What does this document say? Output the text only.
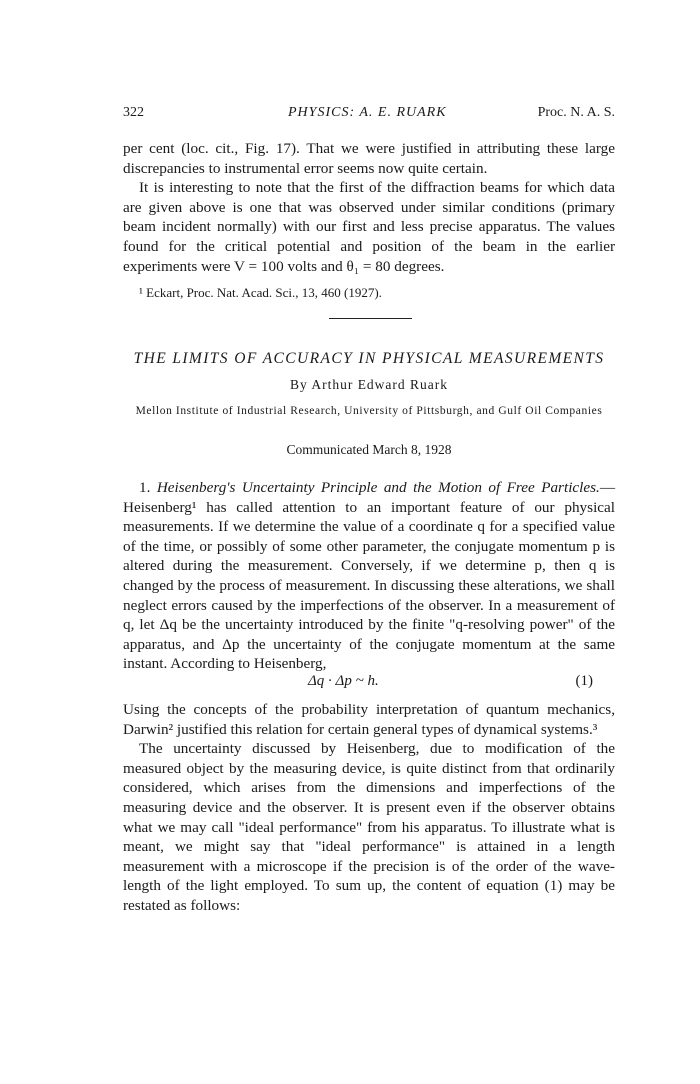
322	PHYSICS: A. E. RUARK	Proc. N. A. S.

per cent (loc. cit., Fig. 17). That we were justified in attributing these large discrepancies to instrumental error seems now quite certain.

It is interesting to note that the first of the diffraction beams for which data are given above is one that was observed under similar conditions (primary beam incident normally) with our first and less precise apparatus. The values found for the critical potential and position of the beam in the earlier experiments were V = 100 volts and θ₁ = 80 degrees.

¹ Eckart, Proc. Nat. Acad. Sci., 13, 460 (1927).

THE LIMITS OF ACCURACY IN PHYSICAL MEASUREMENTS

By Arthur Edward Ruark

Mellon Institute of Industrial Research, University of Pittsburgh, and Gulf Oil Companies

Communicated March 8, 1928

1. Heisenberg's Uncertainty Principle and the Motion of Free Particles.—Heisenberg¹ has called attention to an important feature of our physical measurements. If we determine the value of a coordinate q for a specified value of the time, or possibly of some other parameter, the conjugate momentum p is altered during the measurement. Conversely, if we determine p, then q is changed by the process of measurement. In discussing these alterations, we shall neglect errors caused by the imperfections of the observer. In a measurement of q, let Δq be the uncertainty introduced by the finite "q-resolving power" of the apparatus, and Δp the uncertainty of the conjugate momentum at the same instant. According to Heisenberg,

Δq · Δp ~ h.	(1)

Using the concepts of the probability interpretation of quantum mechanics, Darwin² justified this relation for certain general types of dynamical systems.³

The uncertainty discussed by Heisenberg, due to modification of the measured object by the measuring device, is quite distinct from that ordinarily considered, which arises from the dimensions and imperfections of the measuring device and the observer. It is present even if the observer obtains what we may call "ideal performance" from his apparatus. To illustrate what is meant, we might say that "ideal performance" is attained in a length measurement with a microscope if the precision is of the order of the wave-length of the light employed. To sum up, the content of equation (1) may be restated as follows:
